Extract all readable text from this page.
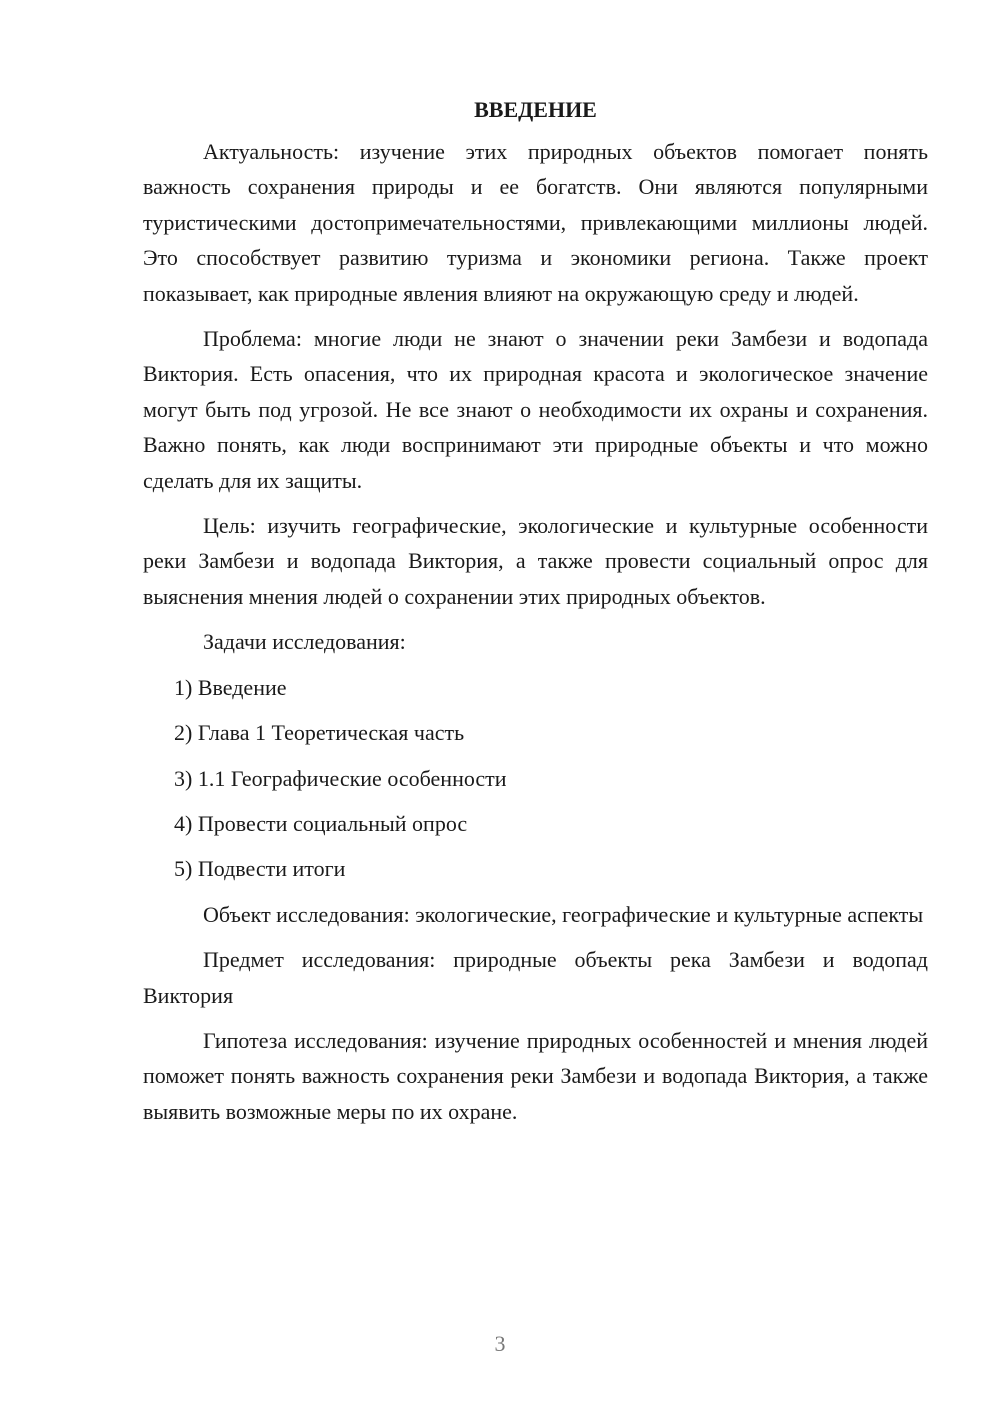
ВВЕДЕНИЕ

Актуальность: изучение этих природных объектов помогает понять важность сохранения природы и ее богатств. Они являются популярными туристическими достопримечательностями, привлекающими миллионы людей. Это способствует развитию туризма и экономики региона. Также проект показывает, как природные явления влияют на окружающую среду и людей.

Проблема: многие люди не знают о значении реки Замбези и водопада Виктория. Есть опасения, что их природная красота и экологическое значение могут быть под угрозой. Не все знают о необходимости их охраны и сохранения. Важно понять, как люди воспринимают эти природные объекты и что можно сделать для их защиты.

Цель: изучить географические, экологические и культурные особенности реки Замбези и водопада Виктория, а также провести социальный опрос для выяснения мнения людей о сохранении этих природных объектов.

Задачи исследования:

1) Введение
2) Глава 1 Теоретическая часть
3) 1.1 Географические особенности
4) Провести социальный опрос
5) Подвести итоги

Объект исследования: экологические, географические и культурные аспекты

Предмет исследования: природные объекты река Замбези и водопад Виктория

Гипотеза исследования: изучение природных особенностей и мнения людей поможет понять важность сохранения реки Замбези и водопада Виктория, а также выявить возможные меры по их охране.

3
